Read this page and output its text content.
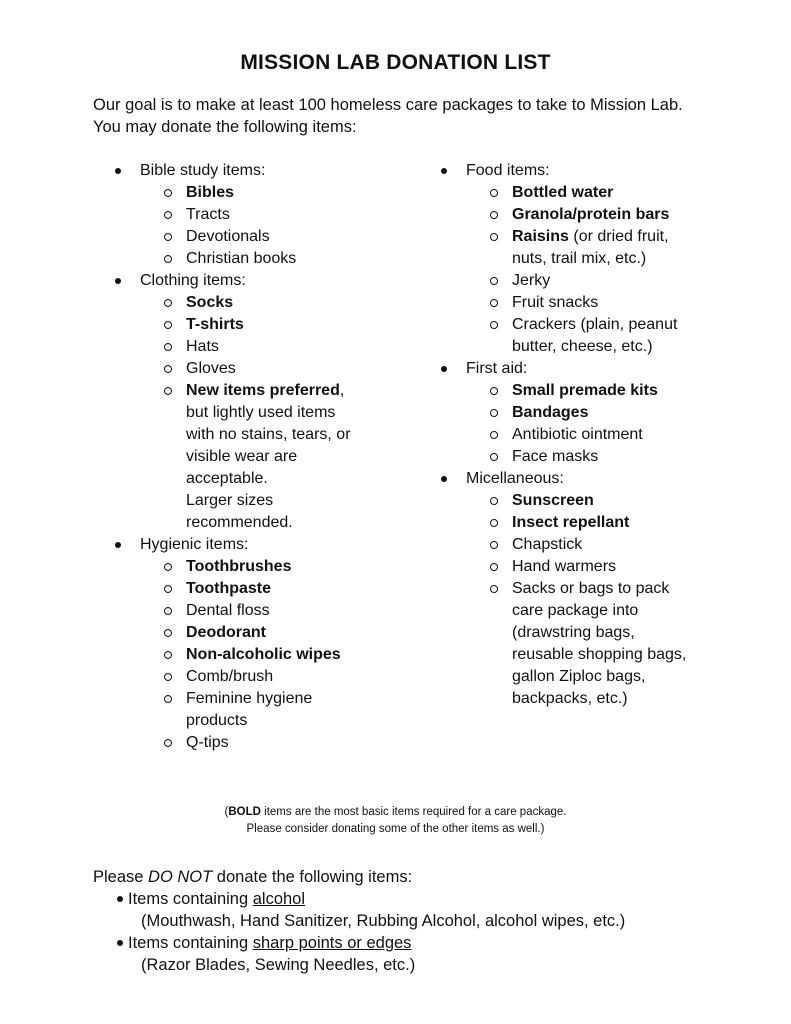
MISSION LAB DONATION LIST
Our goal is to make at least 100 homeless care packages to take to Mission Lab.
You may donate the following items:
Bible study items:
Bibles
Tracts
Devotionals
Christian books
Clothing items:
Socks
T-shirts
Hats
Gloves
New items preferred,
but lightly used items
with no stains, tears, or
visible wear are
acceptable.
Larger sizes
recommended.
Hygienic items:
Toothbrushes
Toothpaste
Dental floss
Deodorant
Non-alcoholic wipes
Comb/brush
Feminine hygiene
products
Q-tips
Food items:
Bottled water
Granola/protein bars
Raisins (or dried fruit,
nuts, trail mix, etc.)
Jerky
Fruit snacks
Crackers (plain, peanut
butter, cheese, etc.)
First aid:
Small premade kits
Bandages
Antibiotic ointment
Face masks
Micellaneous:
Sunscreen
Insect repellant
Chapstick
Hand warmers
Sacks or bags to pack
care package into
(drawstring bags,
reusable shopping bags,
gallon Ziploc bags,
backpacks, etc.)
(BOLD items are the most basic items required for a care package.
Please consider donating some of the other items as well.)
Please DO NOT donate the following items:
Items containing alcohol
(Mouthwash, Hand Sanitizer, Rubbing Alcohol, alcohol wipes, etc.)
Items containing sharp points or edges
(Razor Blades, Sewing Needles, etc.)
